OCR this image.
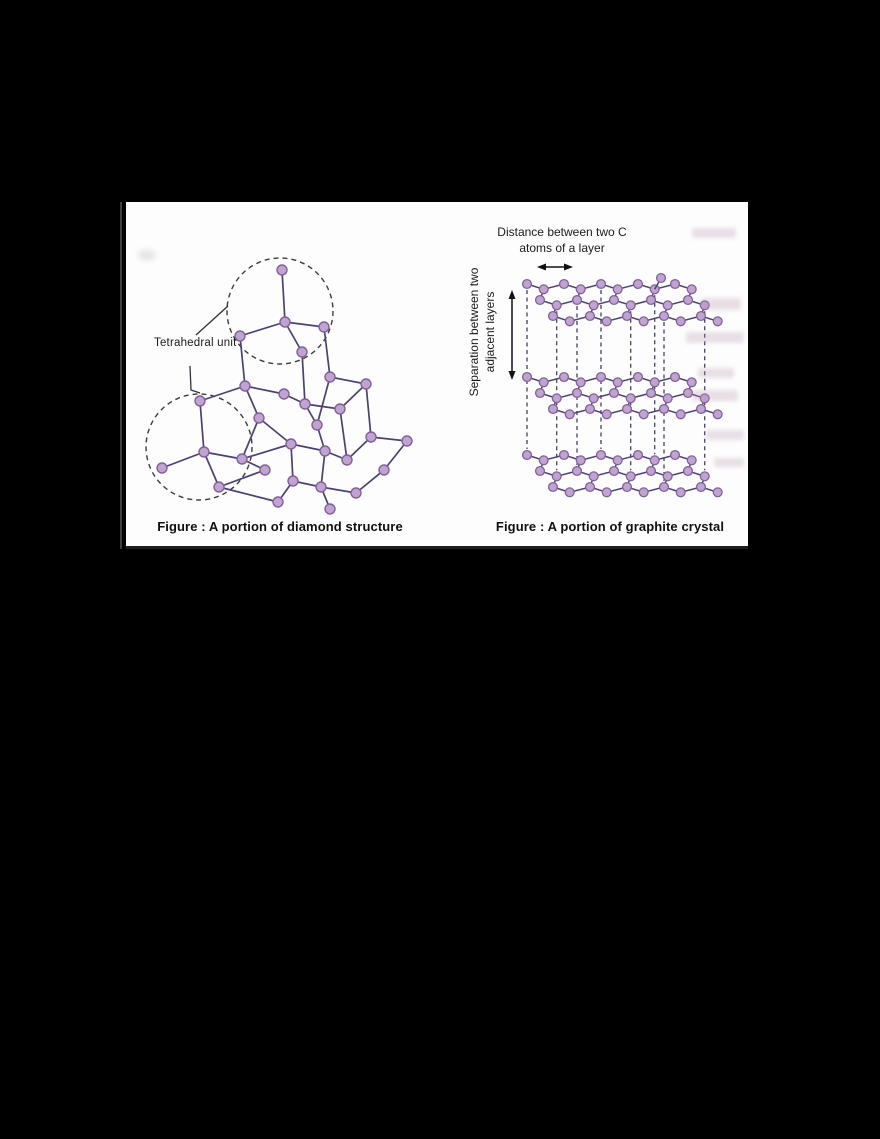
Tetrahedral unit
Distance between two C
atoms of a layer
Separation between two adjacent layers
Figure : A portion of diamond structure	Figure : A portion of graphite crystal
